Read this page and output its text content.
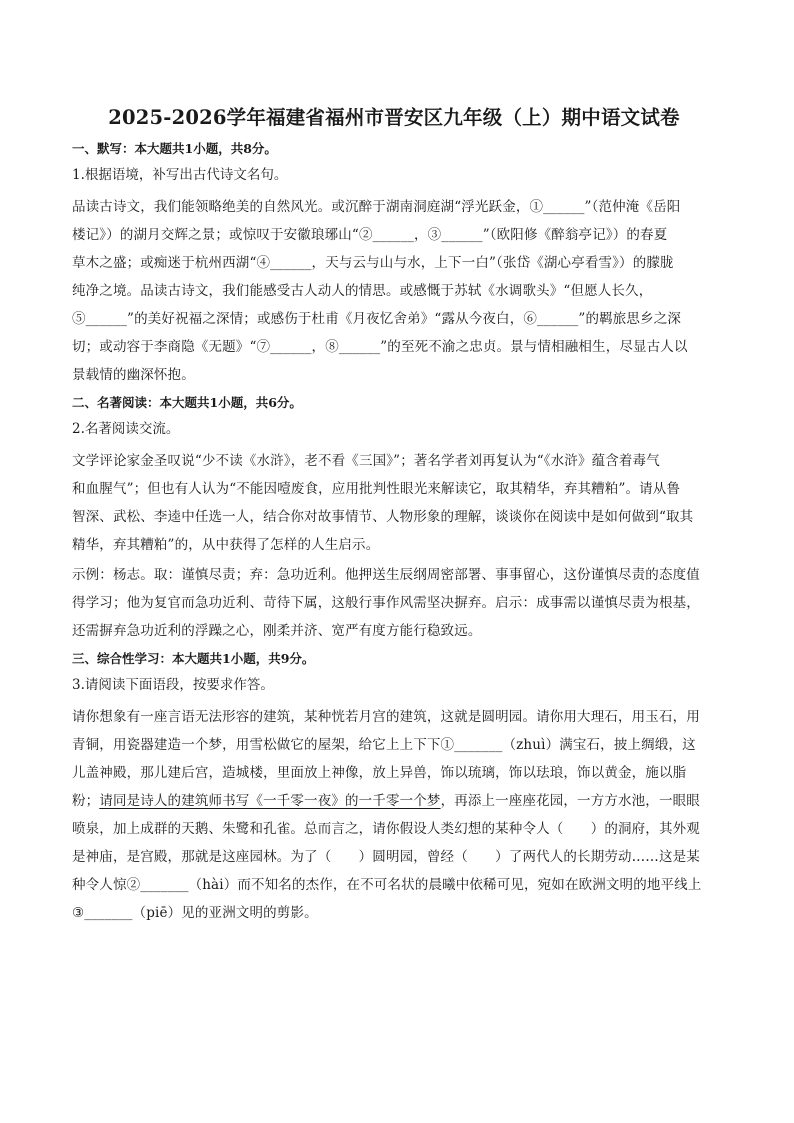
2025-2026学年福建省福州市晋安区九年级（上）期中语文试卷
一、默写：本大题共1小题，共8分。
1.根据语境，补写出古代诗文名句。
品读古诗文，我们能领略绝美的自然风光。或沉醉于湖南洞庭湖“浮光跃金，①______”（范仲淹《岳阳
楼记》）的湖月交辉之景；或惊叹于安徽琅琊山“②______，③______”（欧阳修《醉翁亭记》）的春夏
草木之盛；或痴迷于杭州西湖“④______，天与云与山与水，上下一白”（张岱《湖心亭看雪》）的朦胧
纯净之境。品读古诗文，我们能感受古人动人的情思。或感慨于苏轼《水调歌头》“但愿人长久，
⑤______”的美好祝福之深情；或感伤于杜甫《月夜忆舍弟》“露从今夜白，⑥______”的羁旅思乡之深
切；或动容于李商隐《无题》“⑦______，⑧______”的至死不渝之忠贞。景与情相融相生，尽显古人以
景载情的幽深怀抱。
二、名著阅读：本大题共1小题，共6分。
2.名著阅读交流。
文学评论家金圣叹说“少不读《水浒》，老不看《三国》”；著名学者刘再复认为“《水浒》蕴含着毒气
和血腥气”；但也有人认为“不能因噎废食，应用批判性眼光来解读它，取其精华，弃其糟粕”。请从鲁
智深、武松、李逵中任选一人，结合你对故事情节、人物形象的理解，谈谈你在阅读中是如何做到“取其
精华，弃其糟粕”的，从中获得了怎样的人生启示。
示例：杨志。取：谨慎尽责；弃：急功近利。他押送生辰纲周密部署、事事留心，这份谨慎尽责的态度值
得学习；他为复官而急功近利、苛待下属，这般行事作风需坚决摒弃。启示：成事需以谨慎尽责为根基，
还需摒弃急功近利的浮躁之心，刚柔并济、宽严有度方能行稳致远。
三、综合性学习：本大题共1小题，共9分。
3.请阅读下面语段，按要求作答。
请你想象有一座言语无法形容的建筑，某种恍若月宫的建筑，这就是圆明园。请你用大理石，用玉石，用
青铜，用瓷器建造一个梦，用雪松做它的屋架，给它上上下下①_______（zhuì）满宝石，披上绸缎，这
儿盖神殿，那儿建后宫，造城楼，里面放上神像，放上异兽，饰以琉璃，饰以珐琅，饰以黄金，施以脂
粉；请同是诗人的建筑师书写《一千零一夜》的一千零一个梦，再添上一座座花园，一方方水池，一眼眼
喷泉，加上成群的天鹅、朱鹭和孔雀。总而言之，请你假设人类幻想的某种令人（　　）的洞府，其外观
是神庙，是宫殿，那就是这座园林。为了（　　）圆明园，曾经（　　）了两代人的长期劳动……这是某
种令人惊②_______（hài）而不知名的杰作，在不可名状的晨曦中依稀可见，宛如在欧洲文明的地平线上
③_______（piē）见的亚洲文明的剪影。
